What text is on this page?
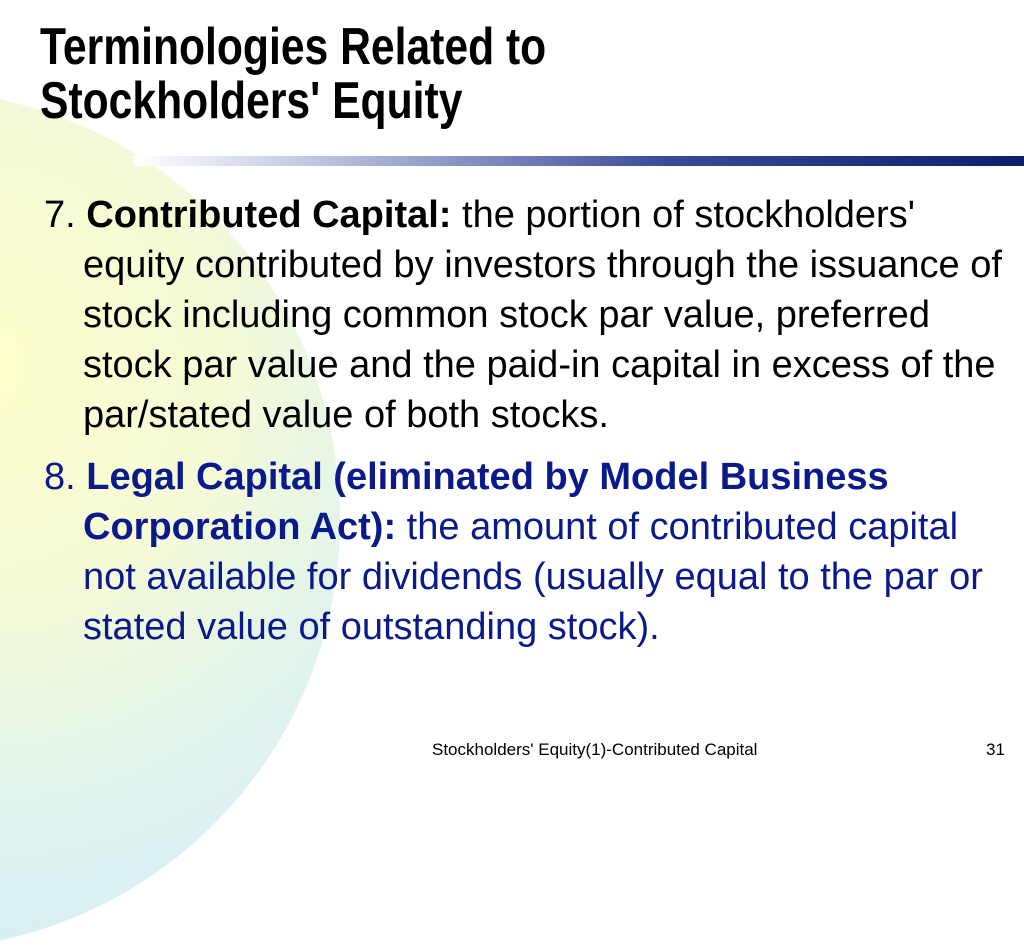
Terminologies Related to
Stockholders' Equity

7. Contributed Capital: the portion of stockholders' equity contributed by investors through the issuance of stock including common stock par value, preferred stock par value and the paid-in capital in excess of the par/stated value of both stocks.

8. Legal Capital (eliminated by Model Business Corporation Act): the amount of contributed capital not available for dividends (usually equal to the par or stated value of outstanding stock).

Stockholders' Equity(1)-Contributed Capital	31
